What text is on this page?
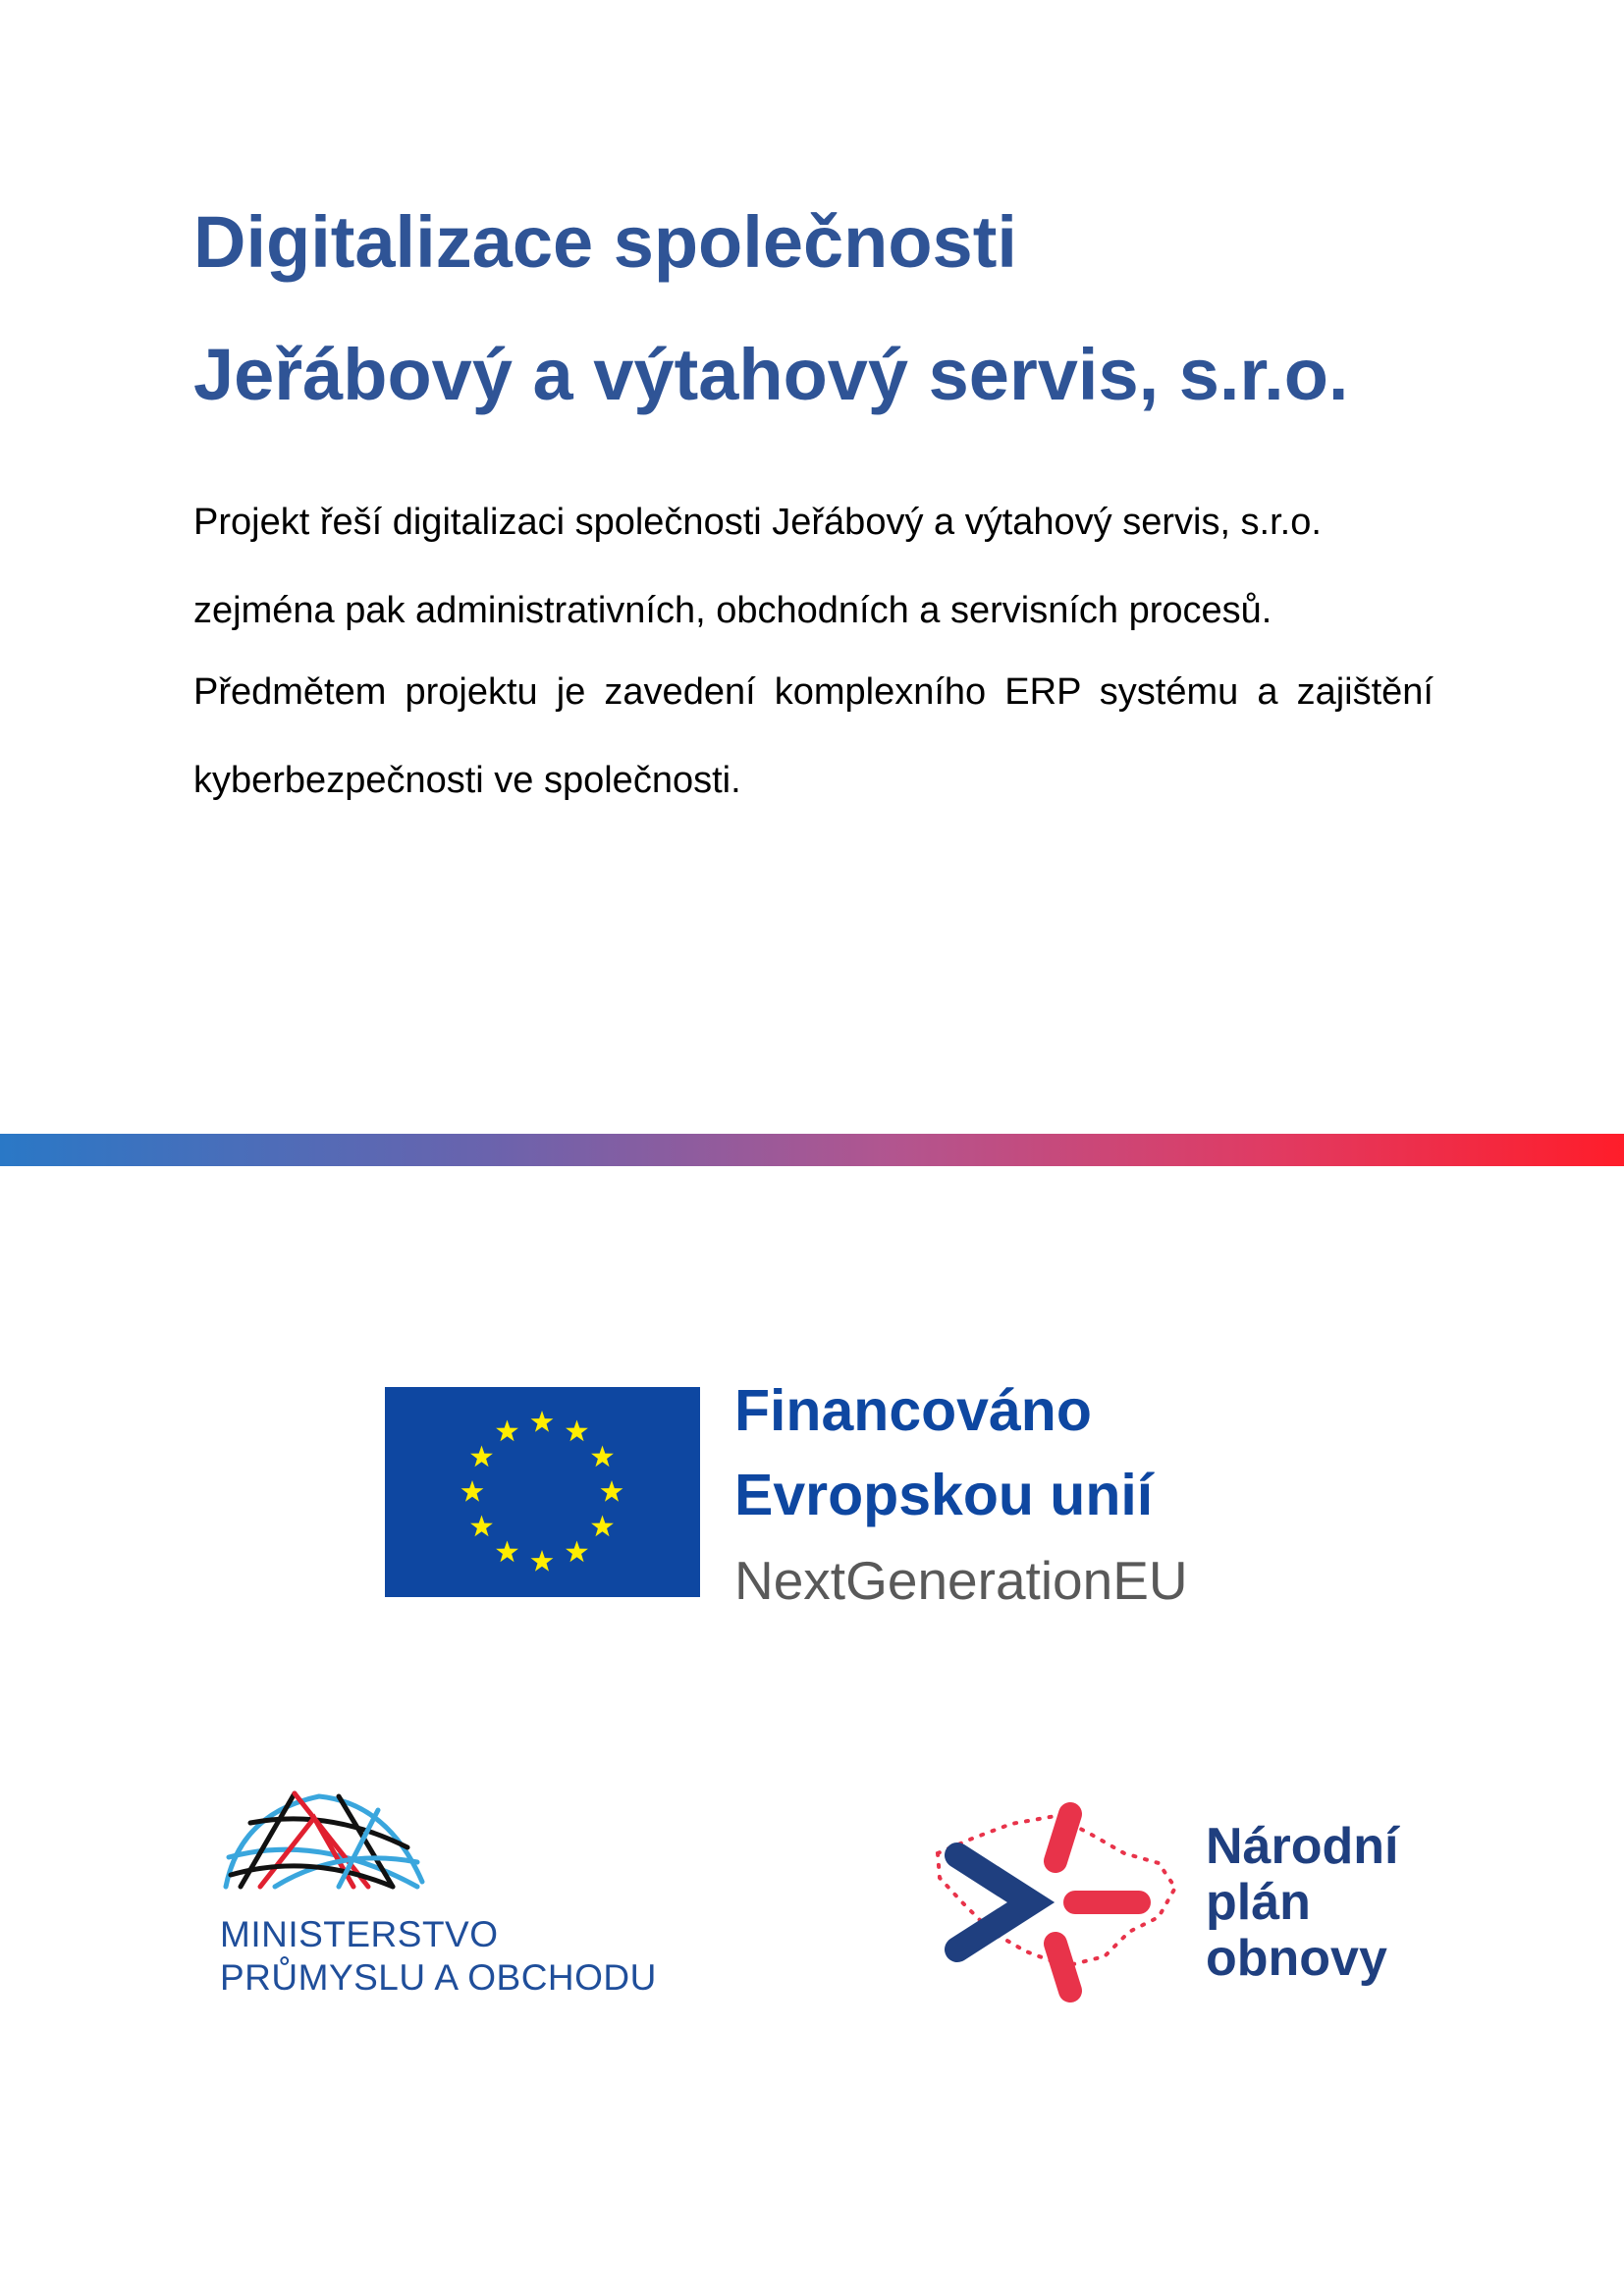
Digitalizace společnosti
Jeřábový a výtahový servis, s.r.o.

Projekt řeší digitalizaci společnosti Jeřábový a výtahový servis, s.r.o. zejména pak administrativních, obchodních a servisních procesů.

Předmětem projektu je zavedení komplexního ERP systému a zajištění kyberbezpečnosti ve společnosti.

Financováno

Evropskou unií

NextGenerationEU

MINISTERSTVO

PRŮMYSLU A OBCHODU

Národní

plán

obnovy
